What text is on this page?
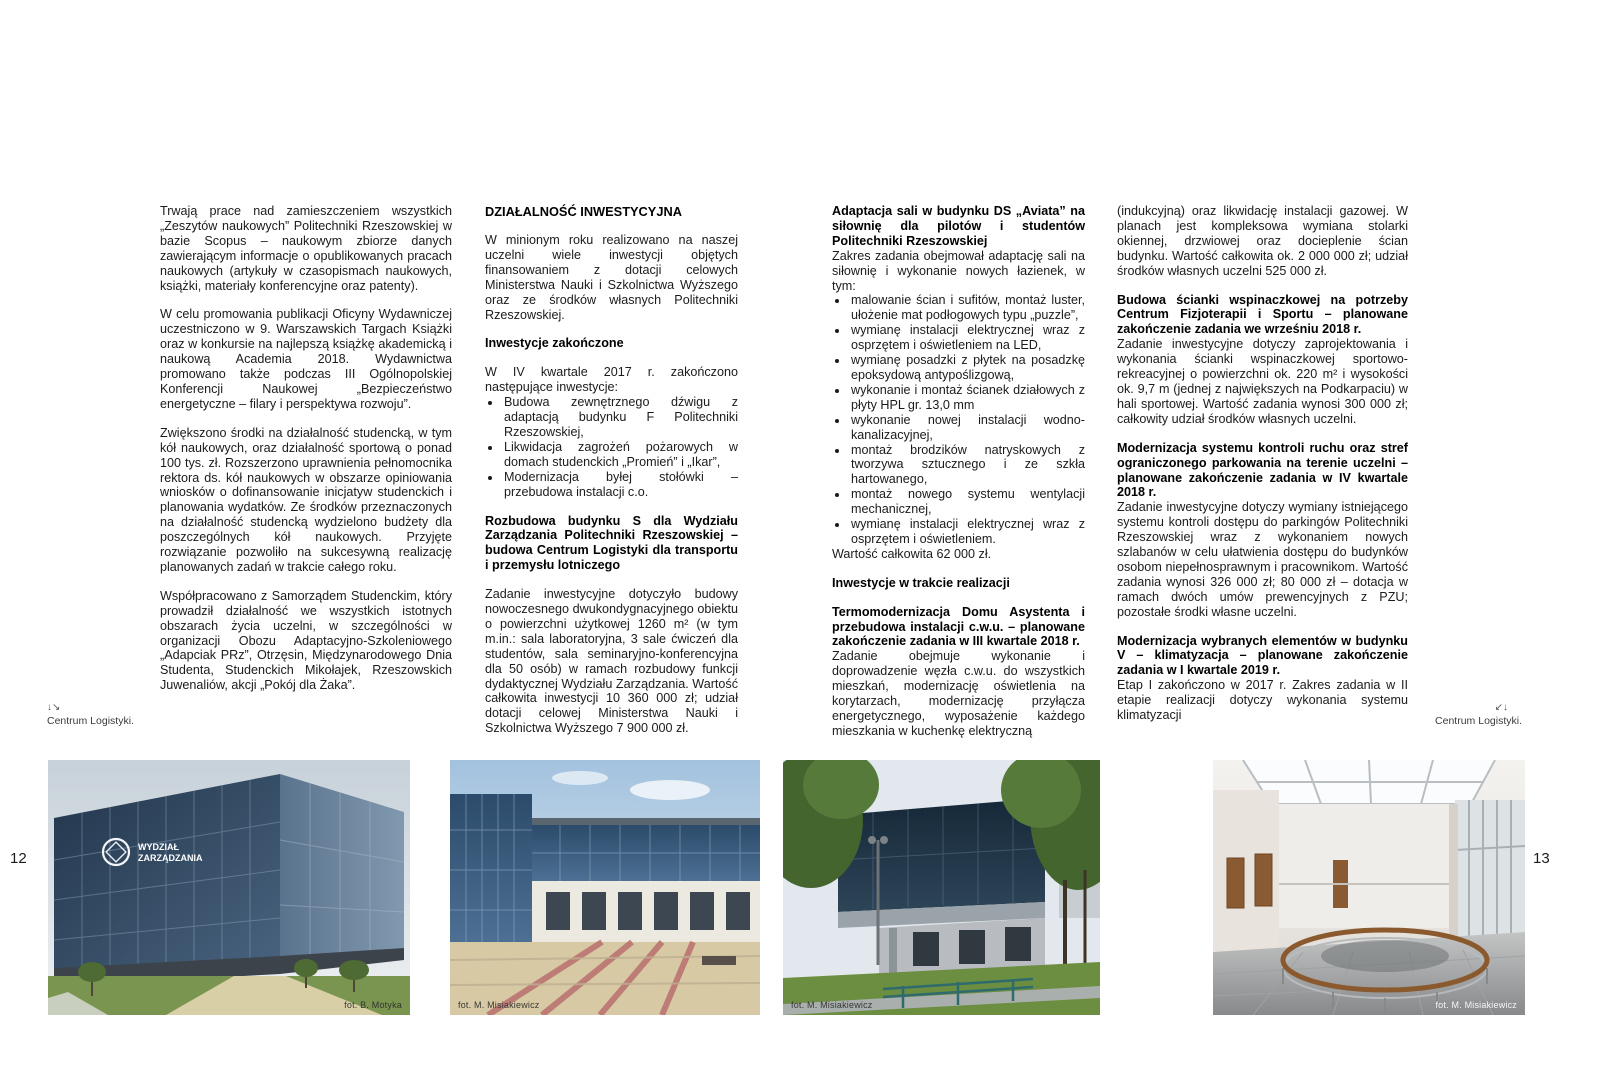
12	13
↓↘
Centrum Logistyki.
↙↓
Centrum Logistyki.

Trwają prace nad zamieszczeniem wszystkich „Zeszytów naukowych” Politechniki Rzeszowskiej w bazie Scopus – naukowym zbiorze danych zawierającym informacje o opublikowanych pracach naukowych (artykuły w czasopismach naukowych, książki, materiały konferencyjne oraz patenty).

W celu promowania publikacji Oficyny Wydawniczej uczestniczono w 9. Warszawskich Targach Książki oraz w konkursie na najlepszą książkę akademicką i naukową Academia 2018. Wydawnictwa promowano także podczas III Ogólnopolskiej Konferencji Naukowej „Bezpieczeństwo energetyczne – filary i perspektywa rozwoju”.

Zwiększono środki na działalność studencką, w tym kół naukowych, oraz działalność sportową o ponad 100 tys. zł. Rozszerzono uprawnienia pełnomocnika rektora ds. kół naukowych w obszarze opiniowania wniosków o dofinansowanie inicjatyw studenckich i planowania wydatków. Ze środków przeznaczonych na działalność studencką wydzielono budżety dla poszczególnych kół naukowych. Przyjęte rozwiązanie pozwoliło na sukcesywną realizację planowanych zadań w trakcie całego roku.

Współpracowano z Samorządem Studenckim, który prowadził działalność we wszystkich istotnych obszarach życia uczelni, w szczególności w organizacji Obozu Adaptacyjno-Szkoleniowego „Adapciak PRz”, Otrzęsin, Międzynarodowego Dnia Studenta, Studenckich Mikołajek, Rzeszowskich Juwenaliów, akcji „Pokój dla Żaka”.

DZIAŁALNOŚĆ INWESTYCYJNA

W minionym roku realizowano na naszej uczelni wiele inwestycji objętych finansowaniem z dotacji celowych Ministerstwa Nauki i Szkolnictwa Wyższego oraz ze środków własnych Politechniki Rzeszowskiej.

Inwestycje zakończone

W IV kwartale 2017 r. zakończono następujące inwestycje:

• Budowa zewnętrznego dźwigu z adaptacją budynku F Politechniki Rzeszowskiej,
• Likwidacja zagrożeń pożarowych w domach studenckich „Promień” i „Ikar”,
• Modernizacja byłej stołówki – przebudowa instalacji c.o.
Rozbudowa budynku S dla Wydziału Zarządzania Politechniki Rzeszowskiej – budowa Centrum Logistyki dla transportu i przemysłu lotniczego

Zadanie inwestycyjne dotyczyło budowy nowoczesnego dwukondygnacyjnego obiektu o powierzchni użytkowej 1260 m² (w tym m.in.: sala laboratoryjna, 3 sale ćwiczeń dla studentów, sala seminaryjno-konferencyjna dla 50 osób) w ramach rozbudowy funkcji dydaktycznej Wydziału Zarządzania. Wartość całkowita inwestycji 10 360 000 zł; udział dotacji celowej Ministerstwa Nauki i Szkolnictwa Wyższego 7 900 000 zł.

Adaptacja sali w budynku DS „Aviata” na siłownię dla pilotów i studentów Politechniki Rzeszowskiej

Zakres zadania obejmował adaptację sali na siłownię i wykonanie nowych łazienek, w tym:

• malowanie ścian i sufitów, montaż luster, ułożenie mat podłogowych typu „puzzle”,
• wymianę instalacji elektrycznej wraz z osprzętem i oświetleniem na LED,
• wymianę posadzki z płytek na posadzkę epoksydową antypoślizgową,
• wykonanie i montaż ścianek działowych z płyty HPL gr. 13,0 mm
• wykonanie nowej instalacji wodno-kanalizacyjnej,
• montaż brodzików natryskowych z tworzywa sztucznego i ze szkła hartowanego,
• montaż nowego systemu wentylacji mechanicznej,
• wymianę instalacji elektrycznej wraz z osprzętem i oświetleniem.

Wartość całkowita 62 000 zł.

Inwestycje w trakcie realizacji
Termomodernizacja Domu Asystenta i przebudowa instalacji c.w.u. – planowane zakończenie zadania w III kwartale 2018 r.

Zadanie obejmuje wykonanie i doprowadzenie węzła c.w.u. do wszystkich mieszkań, modernizację oświetlenia na korytarzach, modernizację przyłącza energetycznego, wyposażenie każdego mieszkania w kuchenkę elektryczną

(indukcyjną) oraz likwidację instalacji gazowej. W planach jest kompleksowa wymiana stolarki okiennej, drzwiowej oraz docieplenie ścian budynku. Wartość całkowita ok. 2 000 000 zł; udział środków własnych uczelni 525 000 zł.

Budowa ścianki wspinaczkowej na potrzeby Centrum Fizjoterapii i Sportu – planowane zakończenie zadania we wrześniu 2018 r.

Zadanie inwestycyjne dotyczy zaprojektowania i wykonania ścianki wspinaczkowej sportowo-rekreacyjnej o powierzchni ok. 220 m² i wysokości ok. 9,7 m (jednej z największych na Podkarpaciu) w hali sportowej. Wartość zadania wynosi 300 000 zł; całkowity udział środków własnych uczelni.

Modernizacja systemu kontroli ruchu oraz stref ograniczonego parkowania na terenie uczelni – planowane zakończenie zadania w IV kwartale 2018 r.

Zadanie inwestycyjne dotyczy wymiany istniejącego systemu kontroli dostępu do parkingów Politechniki Rzeszowskiej wraz z wykonaniem nowych szlabanów w celu ułatwienia dostępu do budynków osobom niepełnosprawnym i pracownikom. Wartość zadania wynosi 326 000 zł; 80 000 zł – dotacja w ramach dwóch umów prewencyjnych z PZU; pozostałe środki własne uczelni.

Modernizacja wybranych elementów w budynku V – klimatyzacja – planowane zakończenie zadania w I kwartale 2019 r.

Etap I zakończono w 2017 r. Zakres zadania w II etapie realizacji dotyczy wykonania systemu klimatyzacji

WYDZIAŁ
ZARZĄDZANIA
fot. B. Motyka	fot. M. Misiakiewicz	fot. M. Misiakiewicz	fot. M. Misiakiewicz
